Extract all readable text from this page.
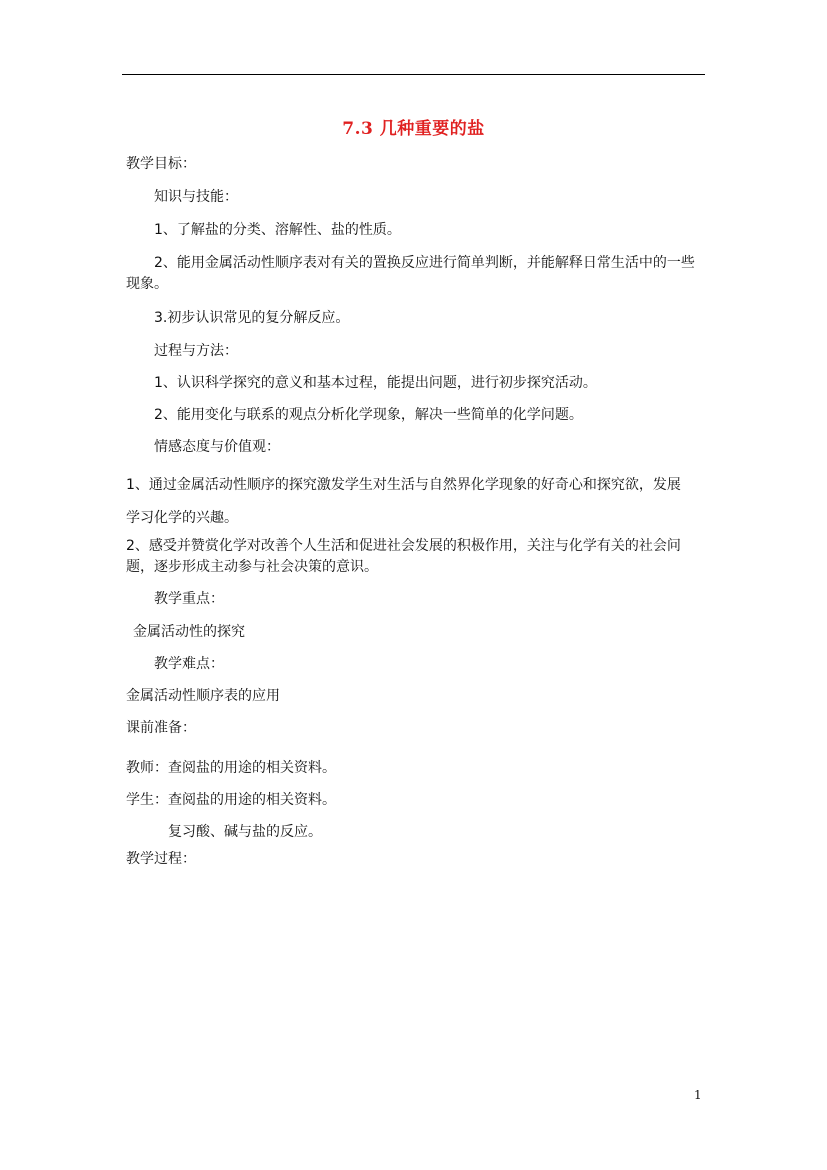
7.3 几种重要的盐
教学目标：
知识与技能：
1、了解盐的分类、溶解性、盐的性质。
2、能用金属活动性顺序表对有关的置换反应进行简单判断，并能解释日常生活中的一些现象。
3.初步认识常见的复分解反应。
过程与方法：
1、认识科学探究的意义和基本过程，能提出问题，进行初步探究活动。
2、能用变化与联系的观点分析化学现象，解决一些简单的化学问题。
情感态度与价值观：
1、通过金属活动性顺序的探究激发学生对生活与自然界化学现象的好奇心和探究欲，发展
学习化学的兴趣。
2、感受并赞赏化学对改善个人生活和促进社会发展的积极作用，关注与化学有关的社会问题，逐步形成主动参与社会决策的意识。
教学重点：
金属活动性的探究
教学难点：
金属活动性顺序表的应用
课前准备：
教师：查阅盐的用途的相关资料。
学生：查阅盐的用途的相关资料。
复习酸、碱与盐的反应。
教学过程：
1
